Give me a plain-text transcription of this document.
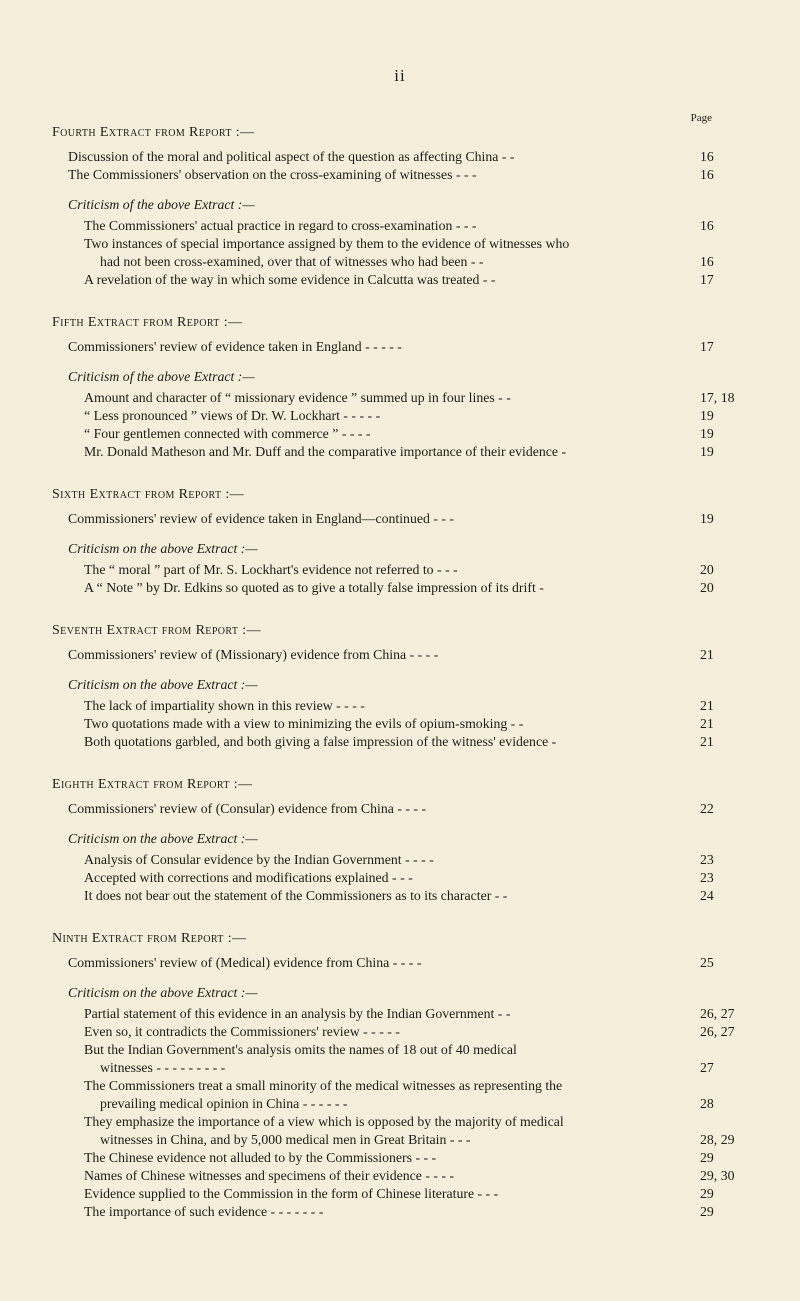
ii
Page
Fourth Extract from Report :—
Discussion of the moral and political aspect of the question as affecting China - -	16
The Commissioners' observation on the cross-examining of witnesses - - -	16
Criticism of the above Extract :—
The Commissioners' actual practice in regard to cross-examination - - -	16
Two instances of special importance assigned by them to the evidence of witnesses who
had not been cross-examined, over that of witnesses who had been - -	16
A revelation of the way in which some evidence in Calcutta was treated - -	17
Fifth Extract from Report :—
Commissioners' review of evidence taken in England - - - - -	17
Criticism of the above Extract :—
Amount and character of “ missionary evidence ” summed up in four lines - -	17, 18
“ Less pronounced ” views of Dr. W. Lockhart - - - - -	19
“ Four gentlemen connected with commerce ” - - - -	19
Mr. Donald Matheson and Mr. Duff and the comparative importance of their evidence -	19
Sixth Extract from Report :—
Commissioners' review of evidence taken in England—continued - - -	19
Criticism on the above Extract :—
The “ moral ” part of Mr. S. Lockhart's evidence not referred to - - -	20
A “ Note ” by Dr. Edkins so quoted as to give a totally false impression of its drift -	20
Seventh Extract from Report :—
Commissioners' review of (Missionary) evidence from China - - - -	21
Criticism on the above Extract :—
The lack of impartiality shown in this review - - - -	21
Two quotations made with a view to minimizing the evils of opium-smoking - -	21
Both quotations garbled, and both giving a false impression of the witness' evidence -	21
Eighth Extract from Report :—
Commissioners' review of (Consular) evidence from China - - - -	22
Criticism on the above Extract :—
Analysis of Consular evidence by the Indian Government - - - -	23
Accepted with corrections and modifications explained - - -	23
It does not bear out the statement of the Commissioners as to its character - -	24
Ninth Extract from Report :—
Commissioners' review of (Medical) evidence from China - - - -	25
Criticism on the above Extract :—
Partial statement of this evidence in an analysis by the Indian Government - -	26, 27
Even so, it contradicts the Commissioners' review - - - - -	26, 27
But the Indian Government's analysis omits the names of 18 out of 40 medical
witnesses - - - - - - - - -	27
The Commissioners treat a small minority of the medical witnesses as representing the
prevailing medical opinion in China - - - - - -	28
They emphasize the importance of a view which is opposed by the majority of medical
witnesses in China, and by 5,000 medical men in Great Britain - - -	28, 29
The Chinese evidence not alluded to by the Commissioners - - -	29
Names of Chinese witnesses and specimens of their evidence - - - -	29, 30
Evidence supplied to the Commission in the form of Chinese literature - - -	29
The importance of such evidence - - - - - - -	29
